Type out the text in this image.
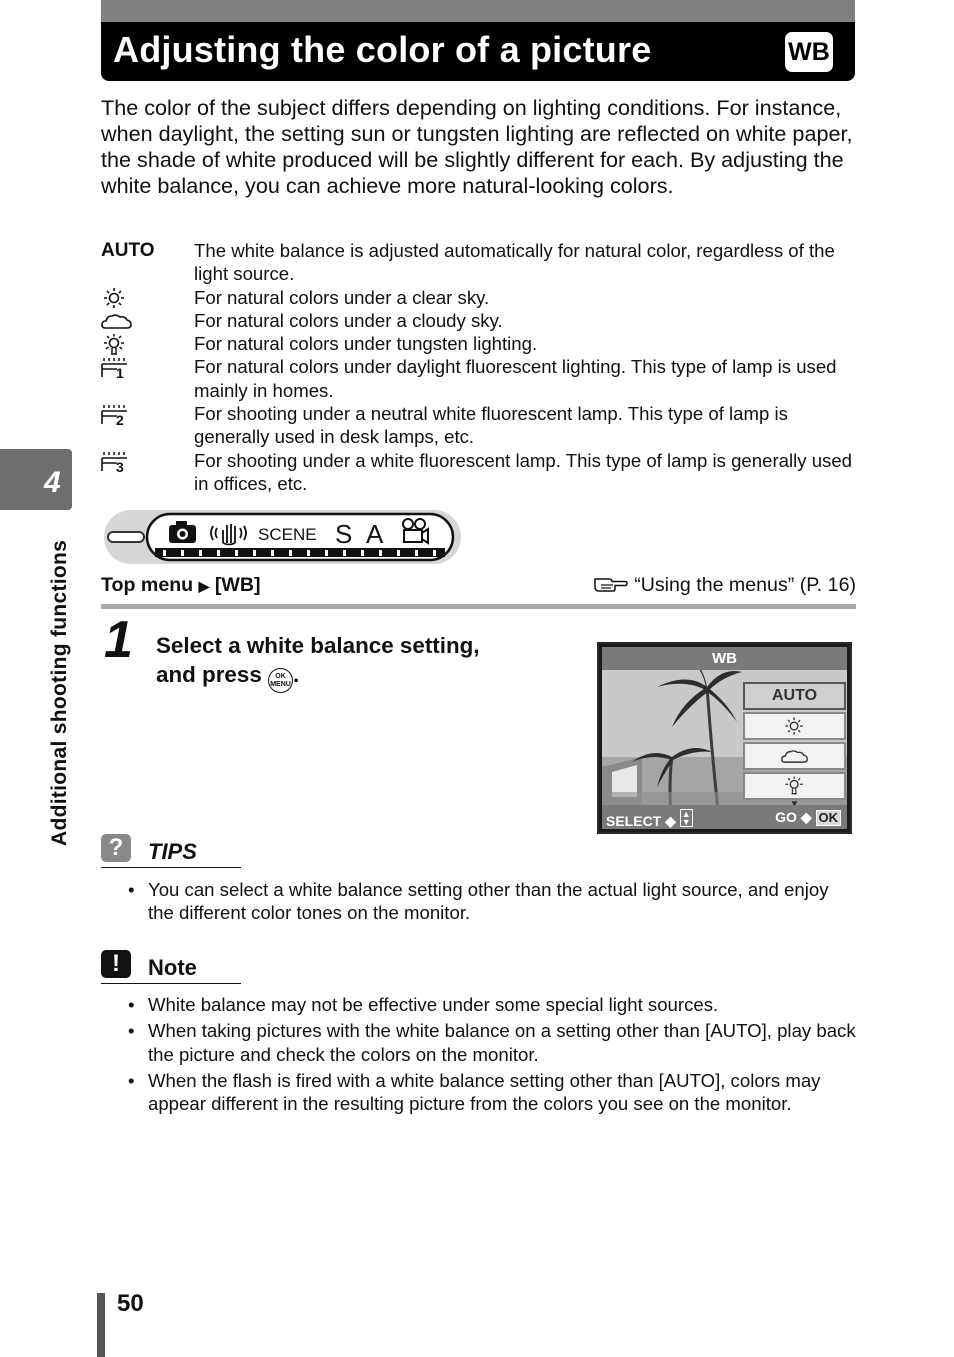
Adjusting the color of a picture	WB
4
Additional shooting functions

The color of the subject differs depending on lighting conditions. For instance, when daylight, the setting sun or tungsten lighting are reflected on white paper, the shade of white produced will be slightly different for each. By adjusting the white balance, you can achieve more natural-looking colors.

AUTO	The white balance is adjusted automatically for natural color, regardless of the light source.
For natural colors under a clear sky.
For natural colors under a cloudy sky.
For natural colors under tungsten lighting.
1	For natural colors under daylight fluorescent lighting. This type of lamp is used mainly in homes.
2	For shooting under a neutral white fluorescent lamp. This type of lamp is generally used in desk lamps, etc.
3	For shooting under a white fluorescent lamp. This type of lamp is generally used in offices, etc.
SCENE S A
Top menu ▶ [WB]	“Using the menus” (P. 16)
1 Select a white balance setting,
and press OK
MENU.
WB
AUTO
SELECT ◆ ▲
▼	GO ◆ OK
?	TIPS
• You can select a white balance setting other than the actual light source, and enjoy the different color tones on the monitor.
!	Note
• White balance may not be effective under some special light sources.
• When taking pictures with the white balance on a setting other than [AUTO], play back the picture and check the colors on the monitor.
• When the flash is fired with a white balance setting other than [AUTO], colors may appear different in the resulting picture from the colors you see on the monitor.
50
